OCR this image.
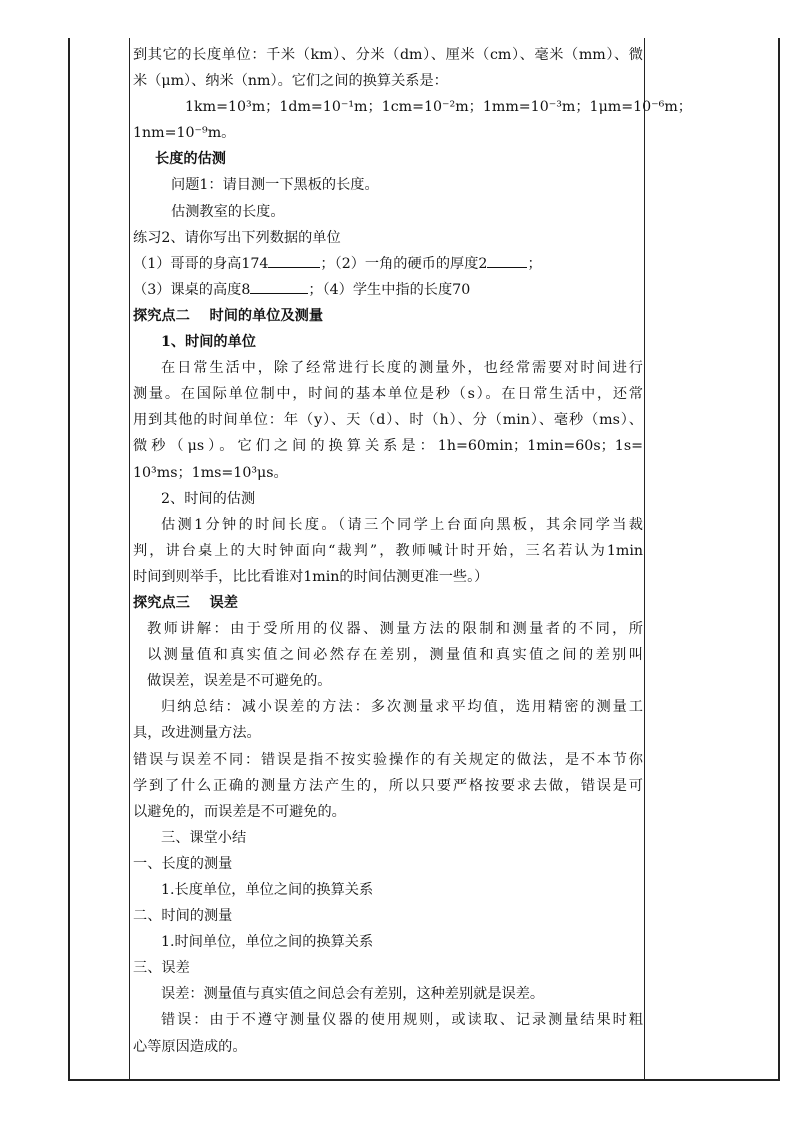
到其它的长度单位：千米（km）、分米（dm）、厘米（cm）、毫米（mm）、微
米（μm）、纳米（nm）。它们之间的换算关系是：
1km=10³m；1dm=10⁻¹m；1cm=10⁻²m；1mm=10⁻³m；1μm=10⁻⁶m；
1nm=10⁻⁹m。
长度的估测
问题1：请目测一下黑板的长度。
估测教室的长度。
练习2、请你写出下列数据的单位
（1）哥哥的身高174	；（2）一角的硬币的厚度2	；
（3）课桌的高度8	；（4）学生中指的长度70
探究点二    时间的单位及测量
1、时间的单位
在日常生活中，除了经常进行长度的测量外，也经常需要对时间进行
测量。在国际单位制中，时间的基本单位是秒（s）。在日常生活中，还常
用到其他的时间单位：年（y）、天（d）、时（h）、分（min）、毫秒（ms）、
微秒（μs）。它们之间的换算关系是：1h=60min；1min=60s；1s=
10³ms；1ms=10³μs。
2、时间的估测
估测1分钟的时间长度。（请三个同学上台面向黑板，其余同学当裁
判，讲台桌上的大时钟面向“裁判”，教师喊计时开始，三名若认为1min
时间到则举手，比比看谁对1min的时间估测更准一些。）
探究点三    误差
教师讲解：由于受所用的仪器、测量方法的限制和测量者的不同，所
以测量值和真实值之间必然存在差别，测量值和真实值之间的差别叫
做误差，误差是不可避免的。
归纳总结：减小误差的方法：多次测量求平均值，选用精密的测量工
具，改进测量方法。
错误与误差不同：错误是指不按实验操作的有关规定的做法，是不本节你
学到了什么正确的测量方法产生的，所以只要严格按要求去做，错误是可
以避免的，而误差是不可避免的。
三、课堂小结
一、长度的测量
1.长度单位，单位之间的换算关系
二、时间的测量
1.时间单位，单位之间的换算关系
三、误差
误差：测量值与真实值之间总会有差别，这种差别就是误差。
错误：由于不遵守测量仪器的使用规则，或读取、记录测量结果时粗
心等原因造成的。
